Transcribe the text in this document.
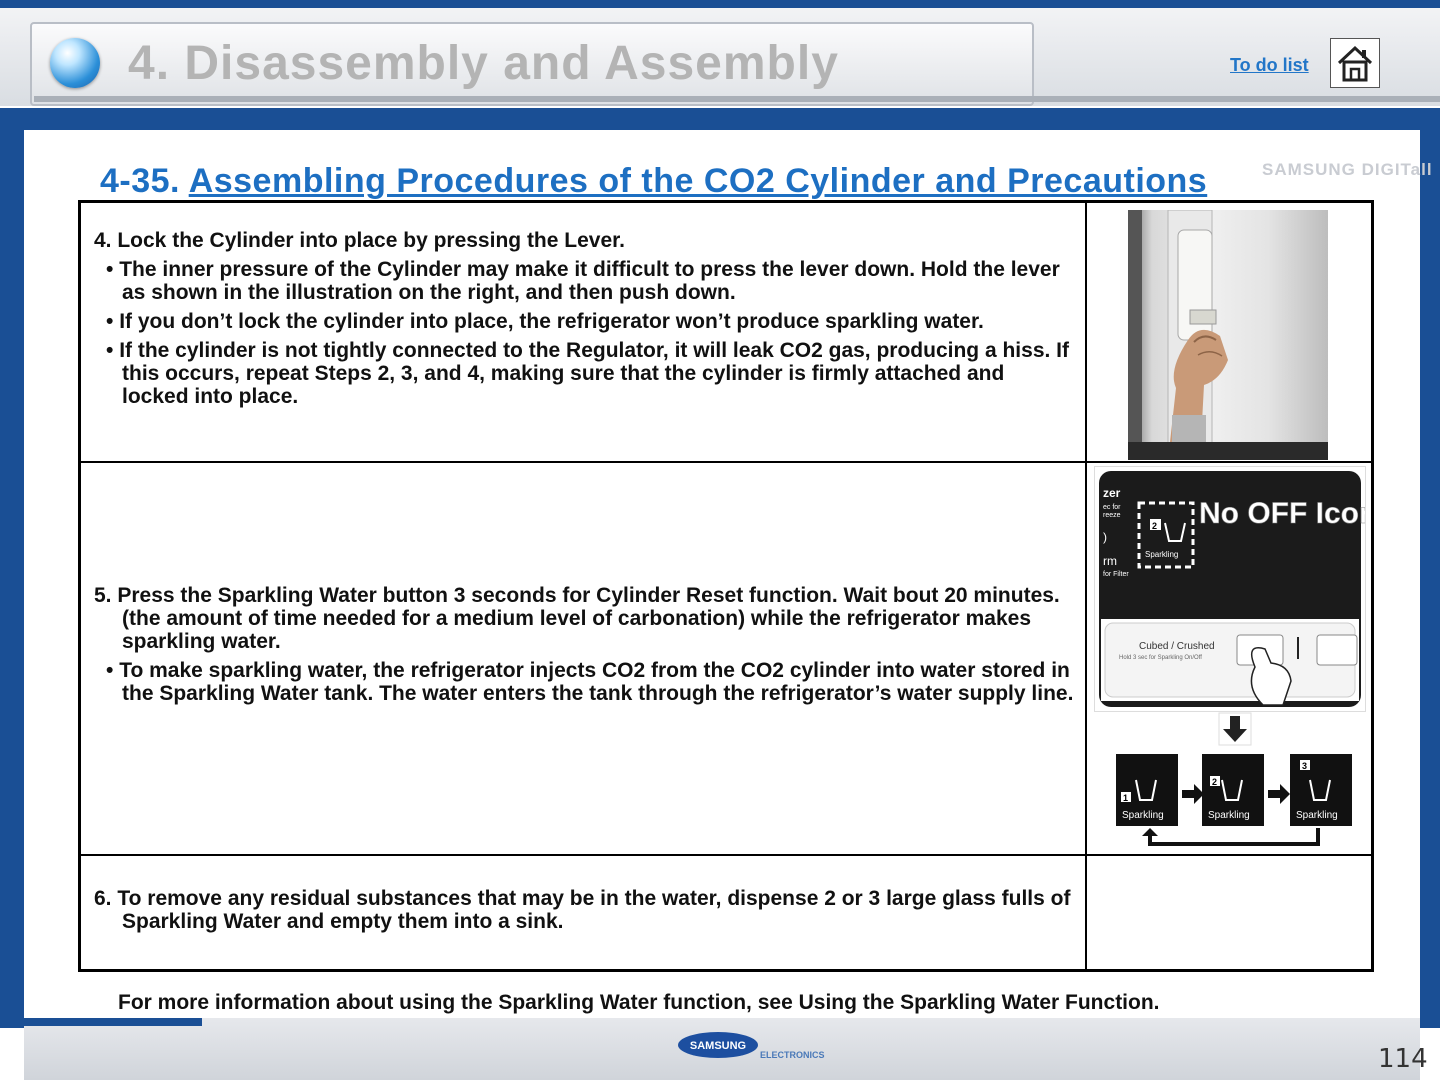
4. Disassembly and Assembly	To do list
SAMSUNG DIGITall
4-35. Assembling Procedures of the CO2 Cylinder and Precautions

4. Lock the Cylinder into place by pressing the Lever.

• The inner pressure of the Cylinder may make it difficult to press the lever down. Hold the lever as shown in the illustration on the right, and then push down.

• If you don’t lock the cylinder into place, the refrigerator won’t produce sparkling water.

• If the cylinder is not tightly connected to the Regulator, it will leak CO2 gas, producing a hiss. If this occurs, repeat Steps 2, 3, and 4, making sure that the cylinder is firmly attached and locked into place.

5. Press the Sparkling Water button 3 seconds for Cylinder Reset function. Wait bout 20 minutes. (the amount of time needed for a medium level of carbonation) while the refrigerator makes sparkling water.

• To make sparkling water, the refrigerator injects CO2 from the CO2 cylinder into water stored in the Sparkling Water tank. The water enters the tank through the refrigerator’s water supply line.

6. To remove any residual substances that may be in the water, dispense 2 or 3 large glass fulls of Sparkling Water and empty them into a sink.

zer
ec for
reeze
)
rm
for Filter
2
Sparkling
No OFF Icon
Cubed / Crushed
Hold 3 sec for Sparkling On/Off
1
Sparkling
2
Sparkling
3
Sparkling
For more information about using the Sparkling Water function, see Using the Sparkling Water Function.
SAMSUNG
ELECTRONICS	114
